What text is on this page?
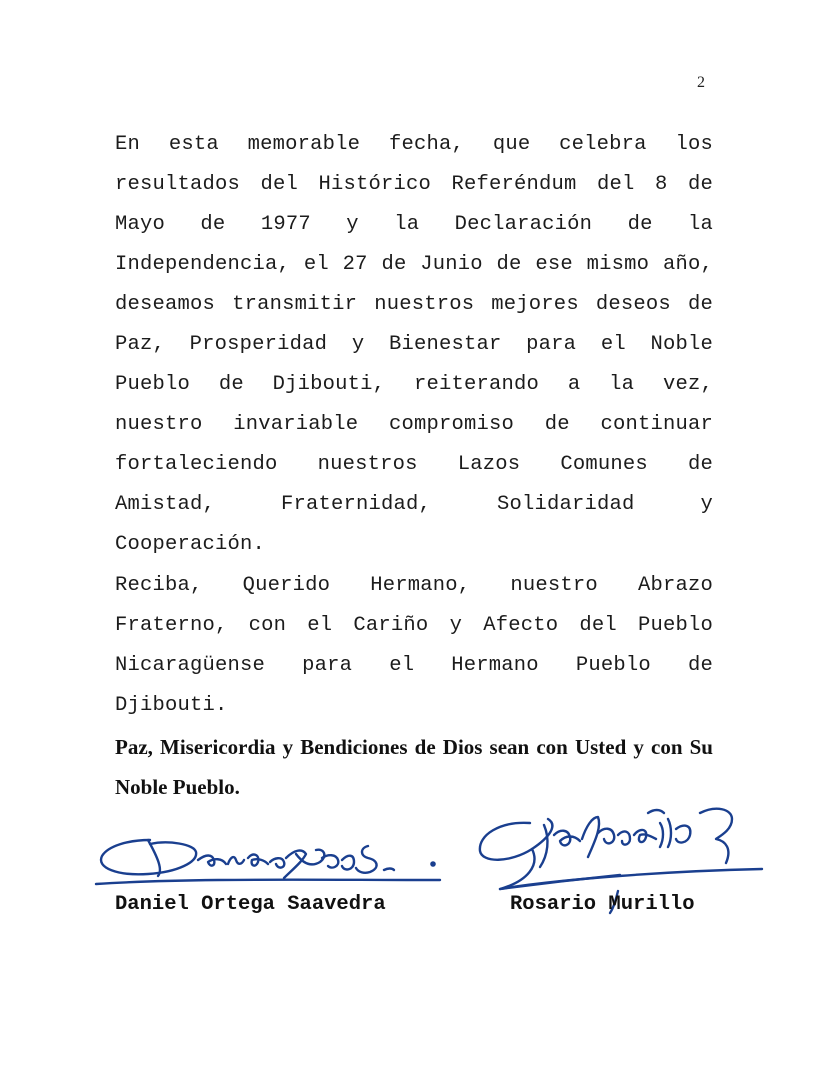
2

En esta memorable fecha, que celebra los resultados del Histórico Referéndum del 8 de Mayo de 1977 y la Declaración de la Independencia, el 27 de Junio de ese mismo año, deseamos transmitir nuestros mejores deseos de Paz, Prosperidad y Bienestar para el Noble Pueblo de Djibouti, reiterando a la vez, nuestro invariable compromiso de continuar fortaleciendo nuestros Lazos Comunes de Amistad, Fraternidad, Solidaridad y Cooperación.

Reciba, Querido Hermano, nuestro Abrazo Fraterno, con el Cariño y Afecto del Pueblo Nicaragüense para el Hermano Pueblo de Djibouti.

Paz, Misericordia y Bendiciones de Dios sean con Usted y con Su Noble Pueblo.

Daniel Ortega Saavedra	Rosario Murillo
